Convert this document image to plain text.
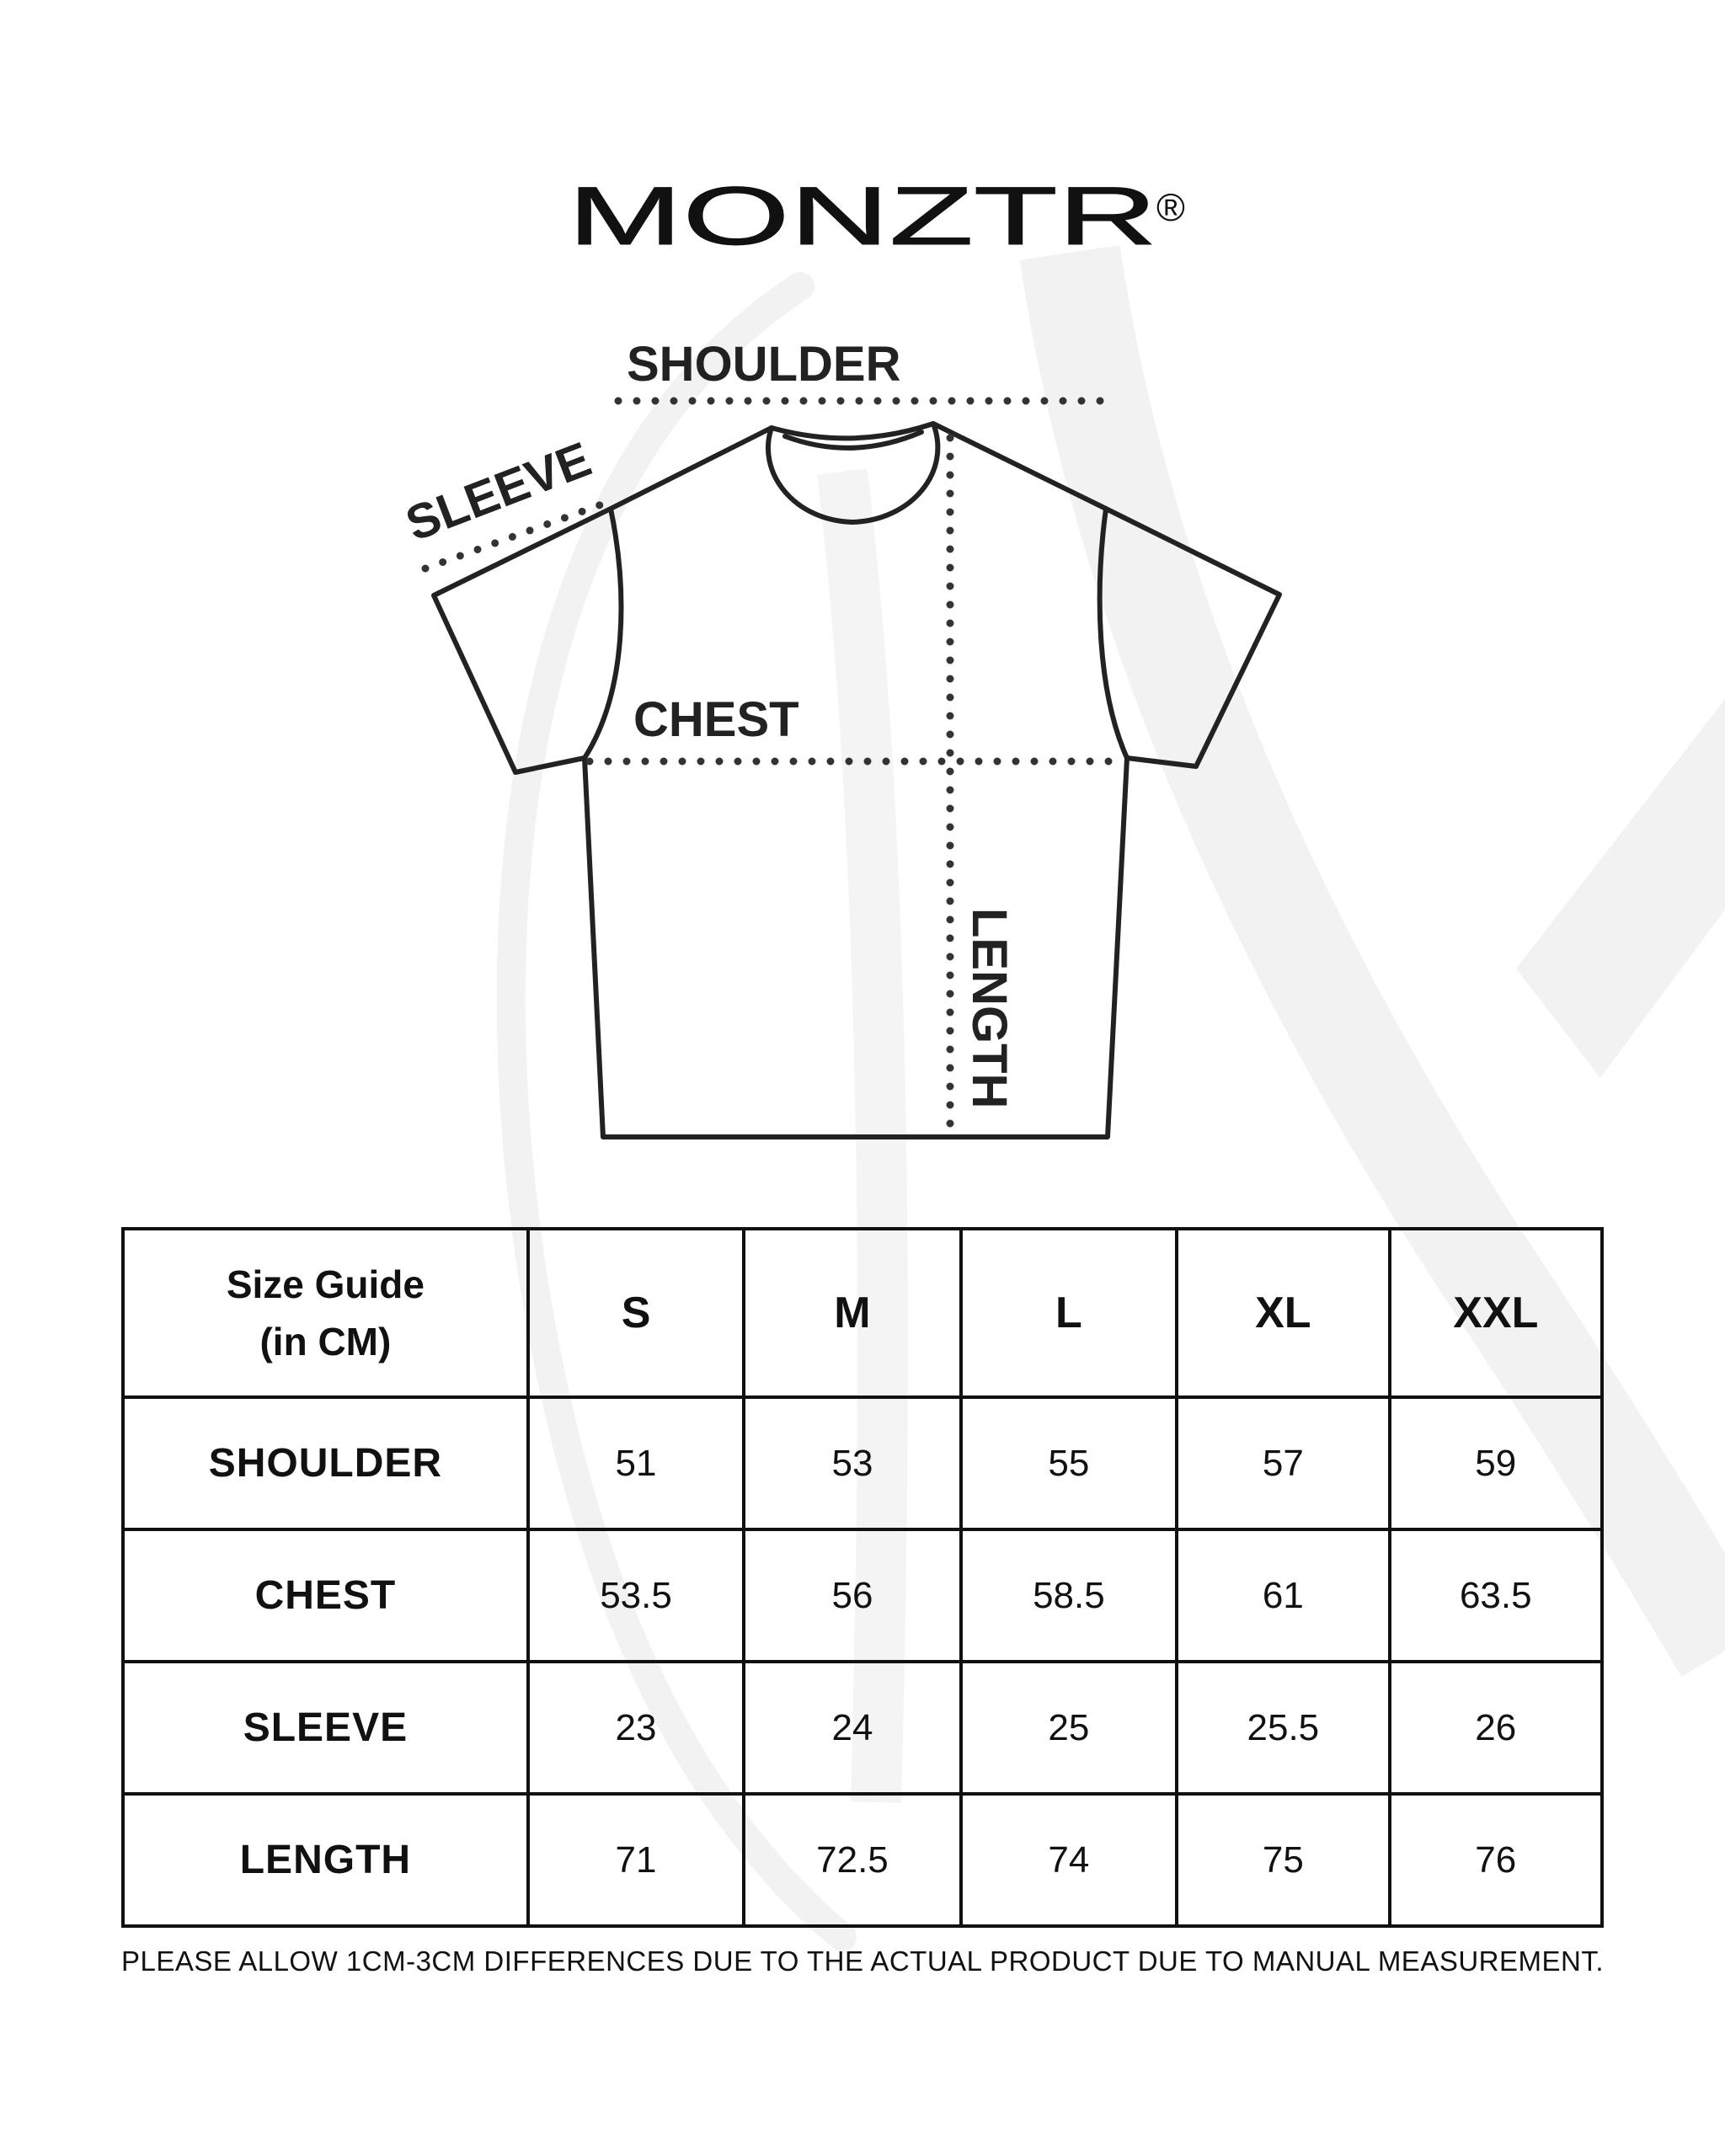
MONZTR ®
SHOULDER
SLEEVE
CHEST
LENGTH
Size Guide
(in CM)	S	M	L	XL	XXL
SHOULDER	51	53	55	57	59
CHEST	53.5	56	58.5	61	63.5
SLEEVE	23	24	25	25.5	26
LENGTH	71	72.5	74	75	76
PLEASE ALLOW 1CM-3CM DIFFERENCES DUE TO THE ACTUAL PRODUCT DUE TO MANUAL MEASUREMENT.
